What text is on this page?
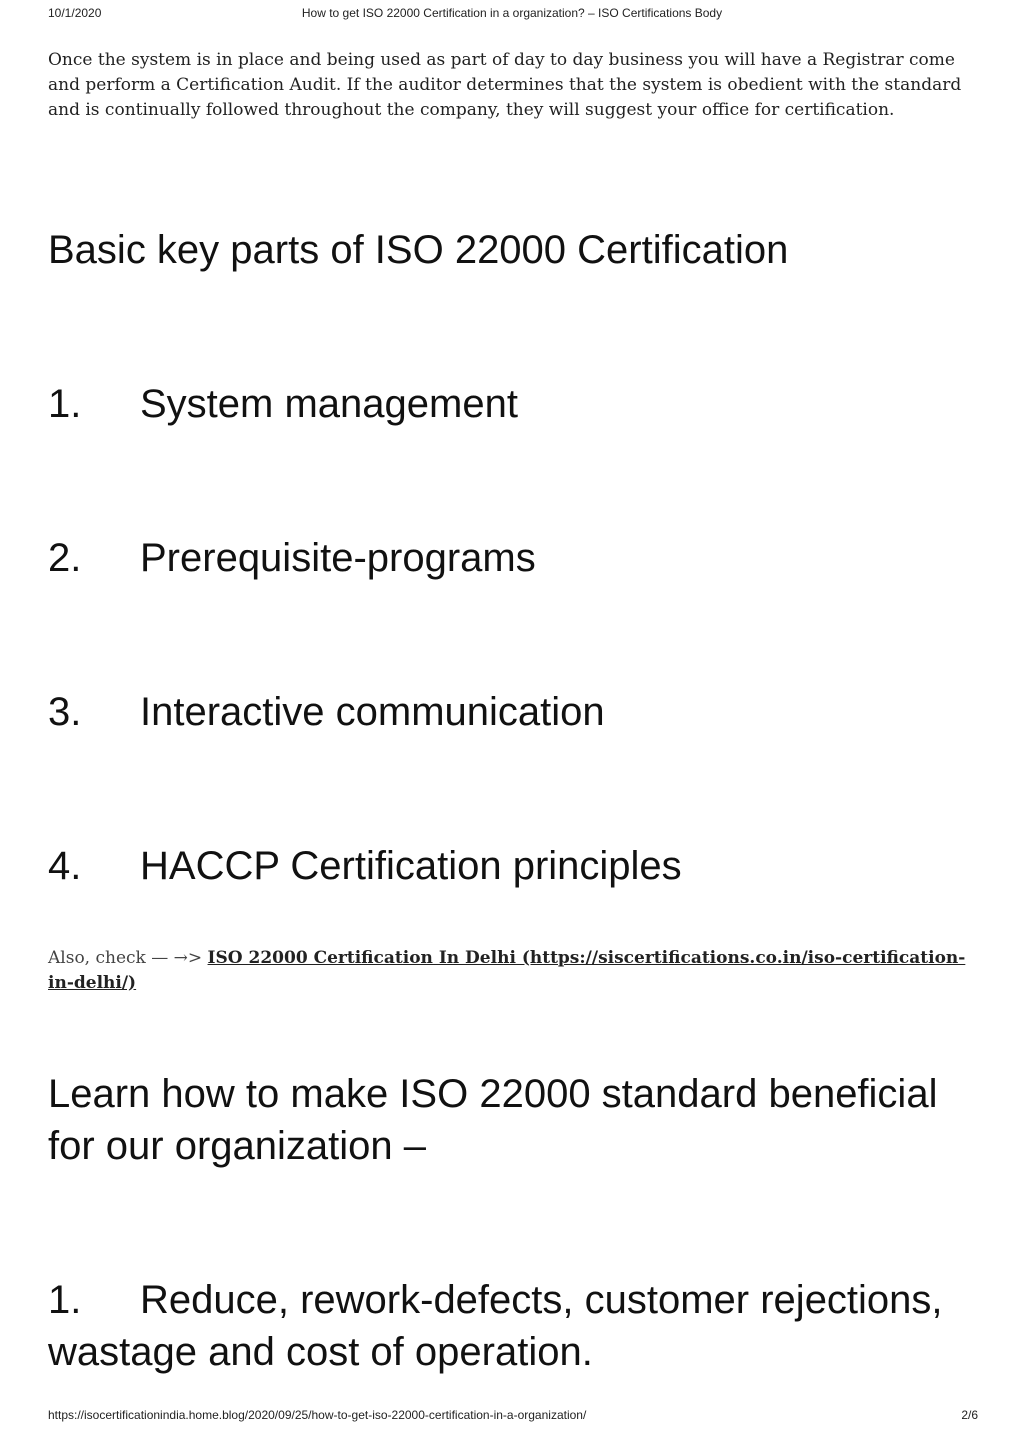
10/1/2020	How to get ISO 22000 Certification in a organization? – ISO Certifications Body

Once the system is in place and being used as part of day to day business you will have a Registrar come and perform a Certification Audit. If the auditor determines that the system is obedient with the standard and is continually followed throughout the company, they will suggest your office for certification.

Basic key parts of ISO 22000 Certification
1. System management
2. Prerequisite-programs
3. Interactive communication
4. HACCP Certification principles
Also, check — →> ISO 22000 Certification In Delhi (https://siscertifications.co.in/iso-certification-in-delhi/)
Learn how to make ISO 22000 standard beneficial for our organization –
1. Reduce, rework-defects, customer rejections, wastage and cost of operation.
https://isocertificationindia.home.blog/2020/09/25/how-to-get-iso-22000-certification-in-a-organization/	2/6
